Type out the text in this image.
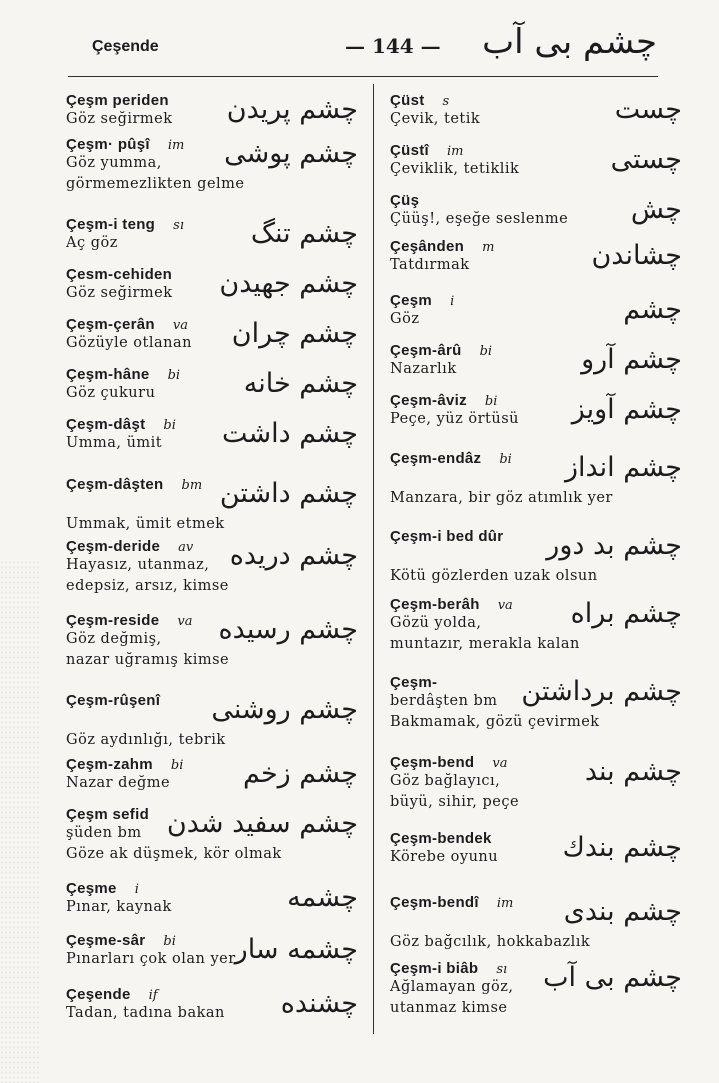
Çeşende	— 144 — چشم بى آب
Çeşm periden
Göz seğirmek	چشم پريدن
Çeşm· pûşî im
Göz yumma,
görmemezlikten gelme
چشم پوشى
Çeşm-i teng sı
Aç göz	چشم تنگ
Çesm-cehiden
Göz seğirmek	چشم جهيدن
Çeşm-çerân va
Gözüyle otlanan	چشم چران
Çeşm-hâne bi
Göz çukuru	چشم خانه
Çeşm-dâşt bi
Umma, ümit	چشم داشت
Çeşm-dâşten bm

Ummak, ümit etmek
چشم داشتن
Çeşm-deride av
Hayasız, utanmaz,
edepsiz, arsız, kimse
چشم دريده
Çeşm-reside va
Göz değmiş,
nazar uğramış kimse
چشم رسيده
Çeşm-rûşenî

Göz aydınlığı, tebrik
چشم روشنى
Çeşm-zahm bi
Nazar değme	چشم زخم
Çeşm sefid
şüden bm
Göze ak düşmek, kör olmak
چشم سفيد شدن
Çeşme i
Pınar, kaynak	چشمه
Çeşme-sâr bi
Pınarları çok olan yer
چشمه سار
Çeşende if
Tadan, tadına bakan	چشنده
Çüst s
Çevik, tetik	چست
Çüstî im
Çeviklik, tetiklik	چستى
Çüş
Çüüş!, eşeğe seslenme	چش
Çeşânden m
Tatdırmak	چشاندن
Çeşm i
Göz	چشم
Çeşm-ârû bi
Nazarlık	چشم آرو
Çeşm-âviz bi
Peçe, yüz örtüsü	چشم آويز
Çeşm-endâz bi

Manzara, bir göz atımlık yer
چشم انداز
Çeşm-i bed dûr

Kötü gözlerden uzak olsun
چشم بد دور
Çeşm-berâh va
Gözü yolda,
muntazır, merakla kalan
چشم براه
Çeşm-
berdâşten bm
Bakmamak, gözü çevirmek
چشم برداشتن
Çeşm-bend va
Göz bağlayıcı,
büyü, sihir, peçe
چشم بند
Çeşm-bendek
Körebe oyunu	چشم بندك
Çeşm-bendî im

Göz bağcılık, hokkabazlık
چشم بندى
Çeşm-i biâb sı
Ağlamayan göz,
utanmaz kimse
چشم بى آب
